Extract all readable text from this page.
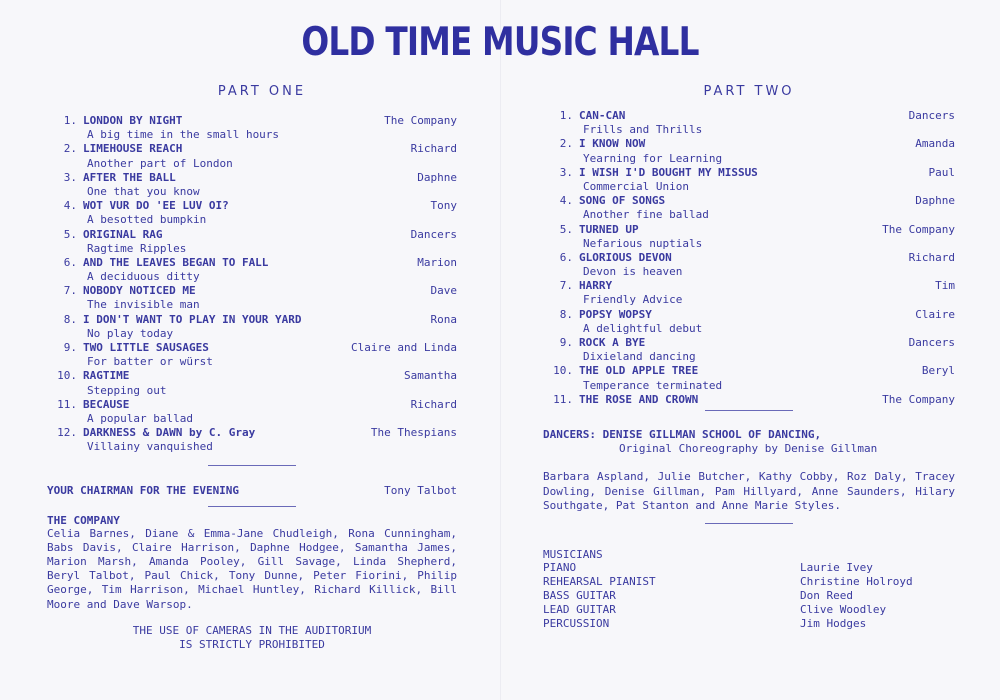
OLD TIME MUSIC HALL
PART ONE
1. LONDON BY NIGHT	The Company
A big time in the small hours
2. LIMEHOUSE REACH	Richard
Another part of London
3. AFTER THE BALL	Daphne
One that you know
4. WOT VUR DO 'EE LUV OI?	Tony
A besotted bumpkin
5. ORIGINAL RAG	Dancers
Ragtime Ripples
6. AND THE LEAVES BEGAN TO FALL	Marion
A deciduous ditty
7. NOBODY NOTICED ME	Dave
The invisible man
8. I DON'T WANT TO PLAY IN YOUR YARD	Rona
No play today
9. TWO LITTLE SAUSAGES	Claire and Linda
For batter or würst
10. RAGTIME	Samantha
Stepping out
11. BECAUSE	Richard
A popular ballad
12. DARKNESS & DAWN by C. Gray	The Thespians
Villainy vanquished
YOUR CHAIRMAN FOR THE EVENING	Tony Talbot
THE COMPANY
Celia Barnes, Diane & Emma-Jane Chudleigh, Rona Cunningham, Babs Davis, Claire Harrison, Daphne Hodgee, Samantha James, Marion Marsh, Amanda Pooley, Gill Savage, Linda Shepherd, Beryl Talbot, Paul Chick, Tony Dunne, Peter Fiorini, Philip George, Tim Harrison, Michael Huntley, Richard Killick, Bill Moore and Dave Warsop.
THE USE OF CAMERAS IN THE AUDITORIUM
IS STRICTLY PROHIBITED
PART TWO
1. CAN-CAN	Dancers
Frills and Thrills
2. I KNOW NOW	Amanda
Yearning for Learning
3. I WISH I'D BOUGHT MY MISSUS	Paul
Commercial Union
4. SONG OF SONGS	Daphne
Another fine ballad
5. TURNED UP	The Company
Nefarious nuptials
6. GLORIOUS DEVON	Richard
Devon is heaven
7. HARRY	Tim
Friendly Advice
8. POPSY WOPSY	Claire
A delightful debut
9. ROCK A BYE	Dancers
Dixieland dancing
10. THE OLD APPLE TREE	Beryl
Temperance terminated
11. THE ROSE AND CROWN	The Company
DANCERS: DENISE GILLMAN SCHOOL OF DANCING,
Original Choreography by Denise Gillman
Barbara Aspland, Julie Butcher, Kathy Cobby, Roz Daly, Tracey Dowling, Denise Gillman, Pam Hillyard, Anne Saunders, Hilary Southgate, Pat Stanton and Anne Marie Styles.
MUSICIANS
PIANO	Laurie Ivey
REHEARSAL PIANIST	Christine Holroyd
BASS GUITAR	Don Reed
LEAD GUITAR	Clive Woodley
PERCUSSION	Jim Hodges
